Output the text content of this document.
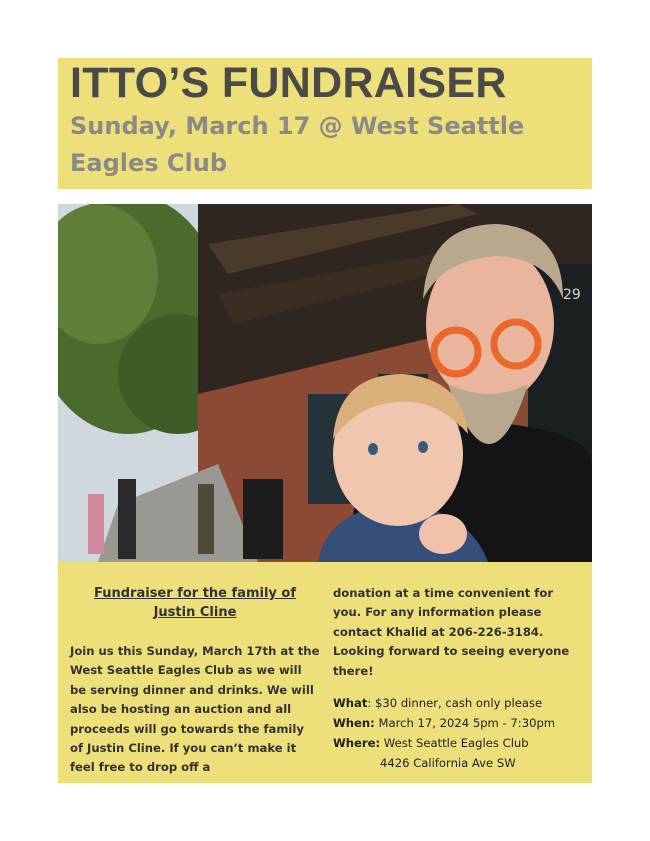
ITTO’S FUNDRAISER
Sunday, March 17 @ West Seattle
Eagles Club
29
Fundraiser for the family of
Justin Cline
Join us this Sunday, March 17th at the West Seattle Eagles Club as we will be serving dinner and drinks. We will also be hosting an auction and all proceeds will go towards the family of Justin Cline. If you can’t make it feel free to drop off a
donation at a time convenient for you. For any information please contact Khalid at 206-226-3184. Looking forward to seeing everyone there!
What : $30 dinner, cash only please
When: March 17, 2024 5pm - 7:30pm
Where: West Seattle Eagles Club
4426 California Ave SW
